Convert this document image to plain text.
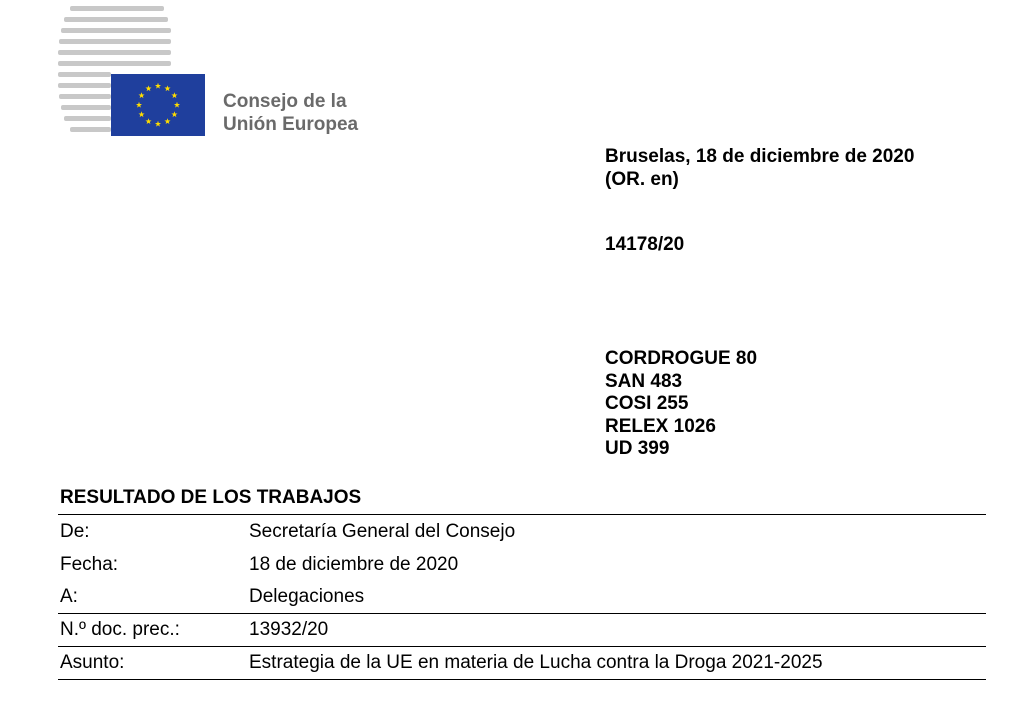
Consejo de la
Unión Europea
Bruselas, 18 de diciembre de 2020
(OR. en)
14178/20
CORDROGUE 80
SAN 483
COSI 255
RELEX 1026
UD 399
RESULTADO DE LOS TRABAJOS
De:	Secretaría General del Consejo
Fecha:	18 de diciembre de 2020
A:	Delegaciones
N.º doc. prec.:	13932/20
Asunto:	Estrategia de la UE en materia de Lucha contra la Droga 2021-2025
